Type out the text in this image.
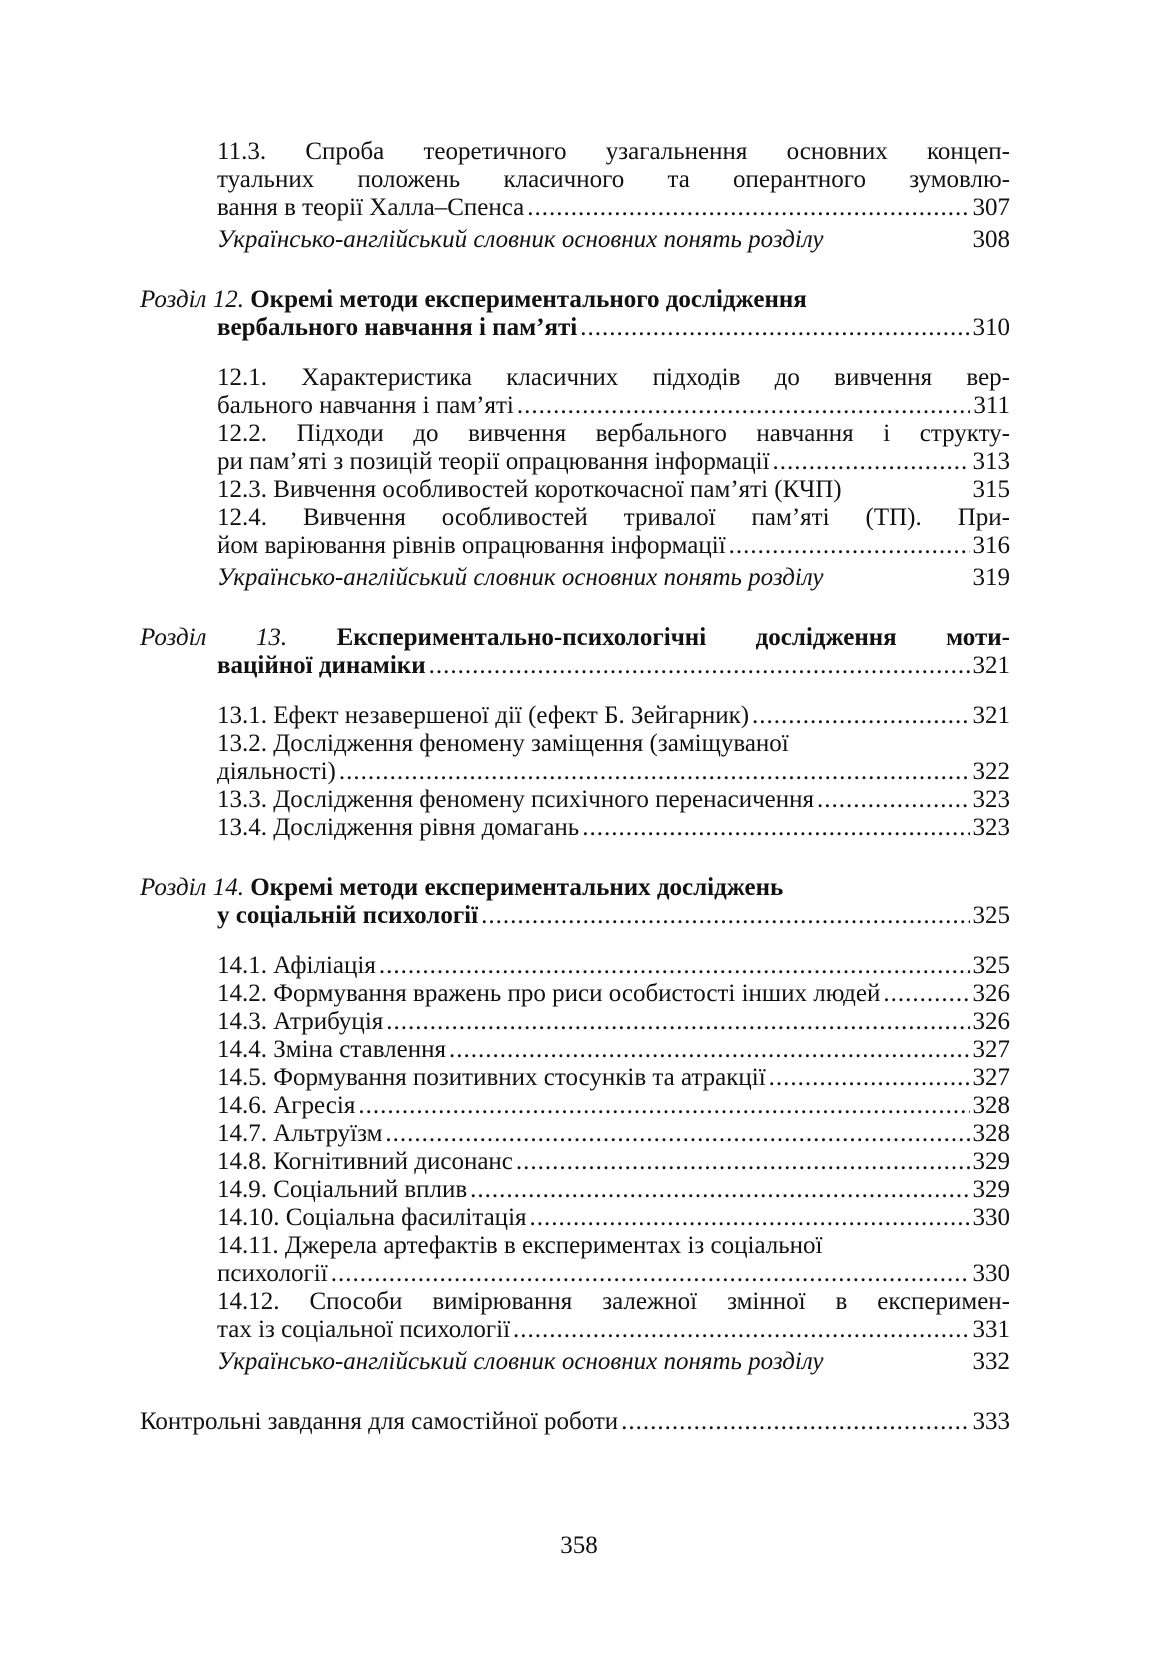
11.3. Спроба теоретичного узагальнення основних концеп-
туальних положень класичного та оперантного зумовлю-
вання в теорії Халла–Спенса .....	307
Українсько-англійський словник основних понять розділу	308
Розділ 12. Окремі методи експериментального дослідження
вербального навчання і пам’яті .....	310
12.1. Характеристика класичних підходів до вивчення вер-
бального навчання і пам’яті .....	311
12.2. Підходи до вивчення вербального навчання і структу-
ри пам’яті з позицій теорії опрацювання інформації .....	313
12.3. Вивчення особливостей короткочасної пам’яті (КЧП)	315
12.4. Вивчення особливостей тривалої пам’яті (ТП). При-
йом варіювання рівнів опрацювання інформації .....	316
Українсько-англійський словник основних понять розділу	319
Розділ 13. Експериментально-психологічні дослідження моти-
ваційної динаміки .....	321
13.1. Ефект незавершеної дії (ефект Б. Зейгарник) .....	321
13.2. Дослідження феномену заміщення (заміщуваної
діяльності) .....	322
13.3. Дослідження феномену психічного перенасичення .....	323
13.4. Дослідження рівня домагань .....	323
Розділ 14. Окремі методи експериментальних досліджень
у соціальній психології .....	325
14.1. Афіліація .....	325
14.2. Формування вражень про риси особистості інших людей .....	326
14.3. Атрибуція .....	326
14.4. Зміна ставлення .....	327
14.5. Формування позитивних стосунків та атракції .....	327
14.6. Агресія .....	328
14.7. Альтруїзм .....	328
14.8. Когнітивний дисонанс .....	329
14.9. Соціальний вплив .....	329
14.10. Соціальна фасилітація .....	330
14.11. Джерела артефактів в експериментах із соціальної
психології .....	330
14.12. Способи вимірювання залежної змінної в експеримен-
тах із соціальної психології .....	331
Українсько-англійський словник основних понять розділу	332
Контрольні завдання для самостійної роботи .....	333
358
